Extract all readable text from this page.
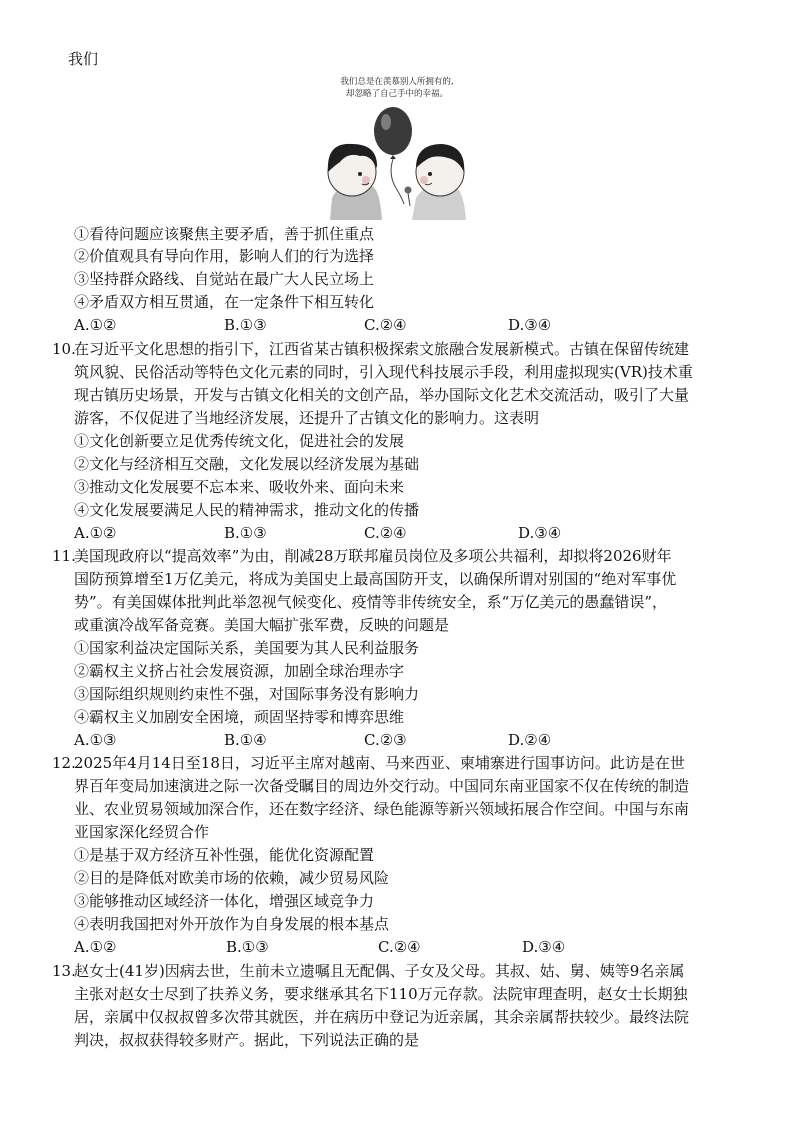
我们
我们总是在羡慕别人所拥有的,
却忽略了自己手中的幸福。
①看待问题应该聚焦主要矛盾，善于抓住重点
②价值观具有导向作用，影响人们的行为选择
③坚持群众路线、自觉站在最广大人民立场上
④矛盾双方相互贯通，在一定条件下相互转化
A.①②	B.①③	C.②④	D.③④
10.
在习近平文化思想的指引下，江西省某古镇积极探索文旅融合发展新模式。古镇在保留传统建
筑风貌、民俗活动等特色文化元素的同时，引入现代科技展示手段，利用虚拟现实(VR)技术重
现古镇历史场景，开发与古镇文化相关的文创产品，举办国际文化艺术交流活动，吸引了大量
游客，不仅促进了当地经济发展，还提升了古镇文化的影响力。这表明
①文化创新要立足优秀传统文化，促进社会的发展
②文化与经济相互交融，文化发展以经济发展为基础
③推动文化发展要不忘本来、吸收外来、面向未来
④文化发展要满足人民的精神需求，推动文化的传播
A.①②	B.①③	C.②④	D.③④
11.
美国现政府以“提高效率”为由，削减28万联邦雇员岗位及多项公共福利，却拟将2026财年
国防预算增至1万亿美元，将成为美国史上最高国防开支，以确保所谓对别国的“绝对军事优
势”。有美国媒体批判此举忽视气候变化、疫情等非传统安全，系“万亿美元的愚蠢错误”，
或重演冷战军备竞赛。美国大幅扩张军费，反映的问题是
①国家利益决定国际关系，美国要为其人民利益服务
②霸权主义挤占社会发展资源，加剧全球治理赤字
③国际组织规则约束性不强，对国际事务没有影响力
④霸权主义加剧安全困境，顽固坚持零和博弈思维
A.①③	B.①④	C.②③	D.②④
12.
2025年4月14日至18日，习近平主席对越南、马来西亚、柬埔寨进行国事访问。此访是在世
界百年变局加速演进之际一次备受瞩目的周边外交行动。中国同东南亚国家不仅在传统的制造
业、农业贸易领域加深合作，还在数字经济、绿色能源等新兴领域拓展合作空间。中国与东南
亚国家深化经贸合作
①是基于双方经济互补性强，能优化资源配置
②目的是降低对欧美市场的依赖，减少贸易风险
③能够推动区域经济一体化，增强区域竞争力
④表明我国把对外开放作为自身发展的根本基点
A.①②	B.①③	C.②④	D.③④
13.
赵女士(41岁)因病去世，生前未立遗嘱且无配偶、子女及父母。其叔、姑、舅、姨等9名亲属
主张对赵女士尽到了扶养义务，要求继承其名下110万元存款。法院审理查明，赵女士长期独
居，亲属中仅叔叔曾多次带其就医，并在病历中登记为近亲属，其余亲属帮扶较少。最终法院
判决，叔叔获得较多财产。据此，下列说法正确的是
